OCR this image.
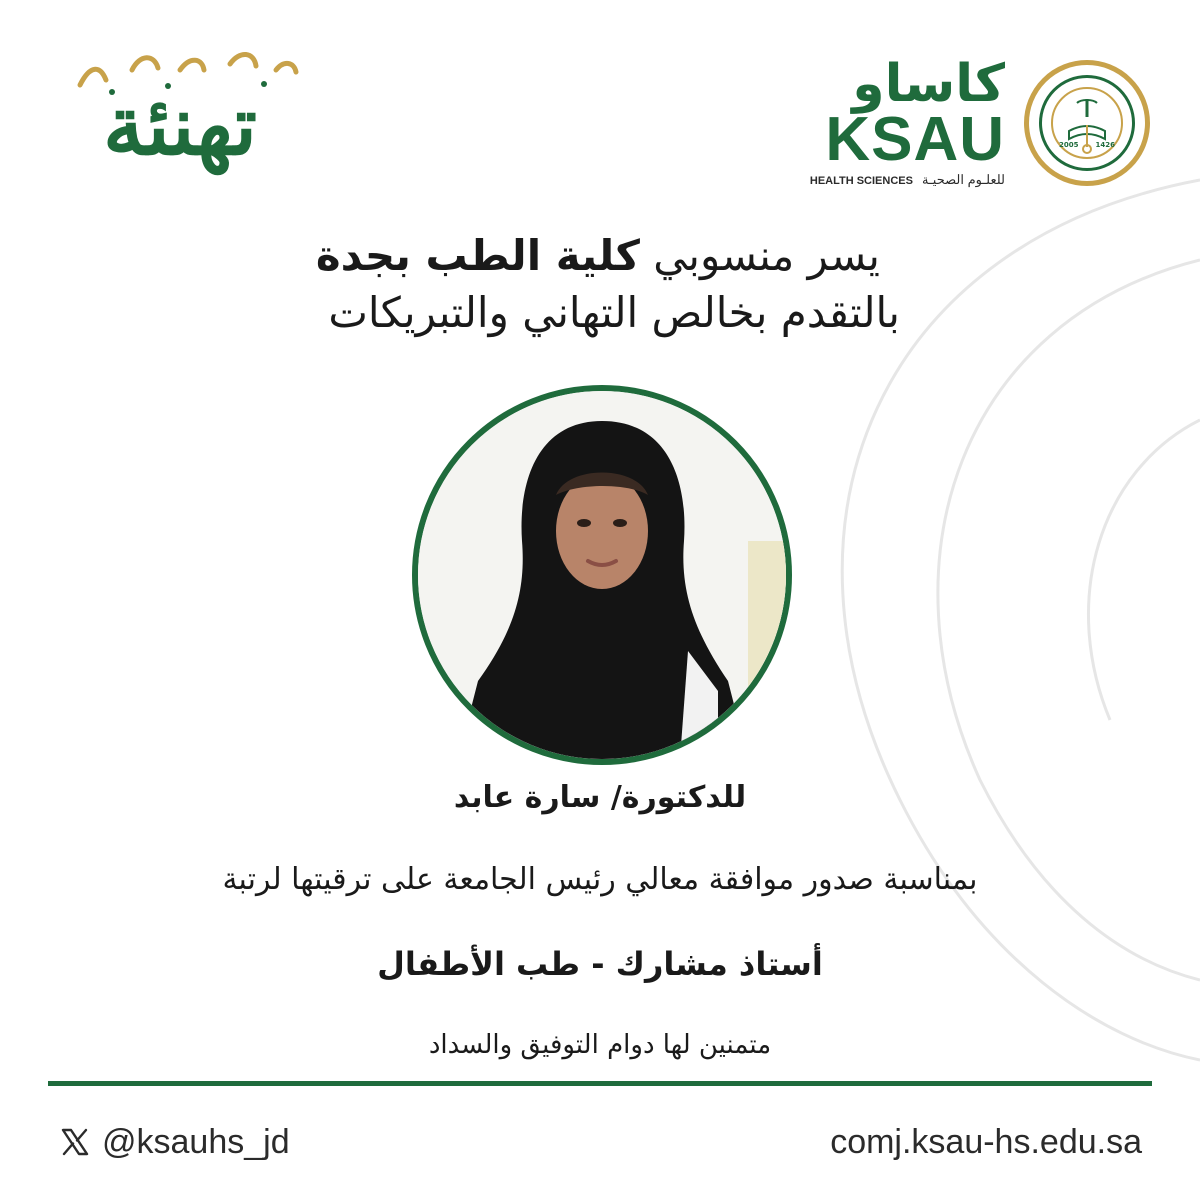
تهنئة	كاساو
KSAU
HEALTH SCIENCES للعلـوم الصحيـة
2005 1426
يسر منسوبي كلية الطب بجدة
بالتقدم بخالص التهاني والتبريكات
للدكتورة/ سارة عابد
بمناسبة صدور موافقة معالي رئيس الجامعة على ترقيتها لرتبة
أستاذ مشارك - طب الأطفال
متمنين لها دوام التوفيق والسداد
@ksauhs_jd	comj.ksau-hs.edu.sa
